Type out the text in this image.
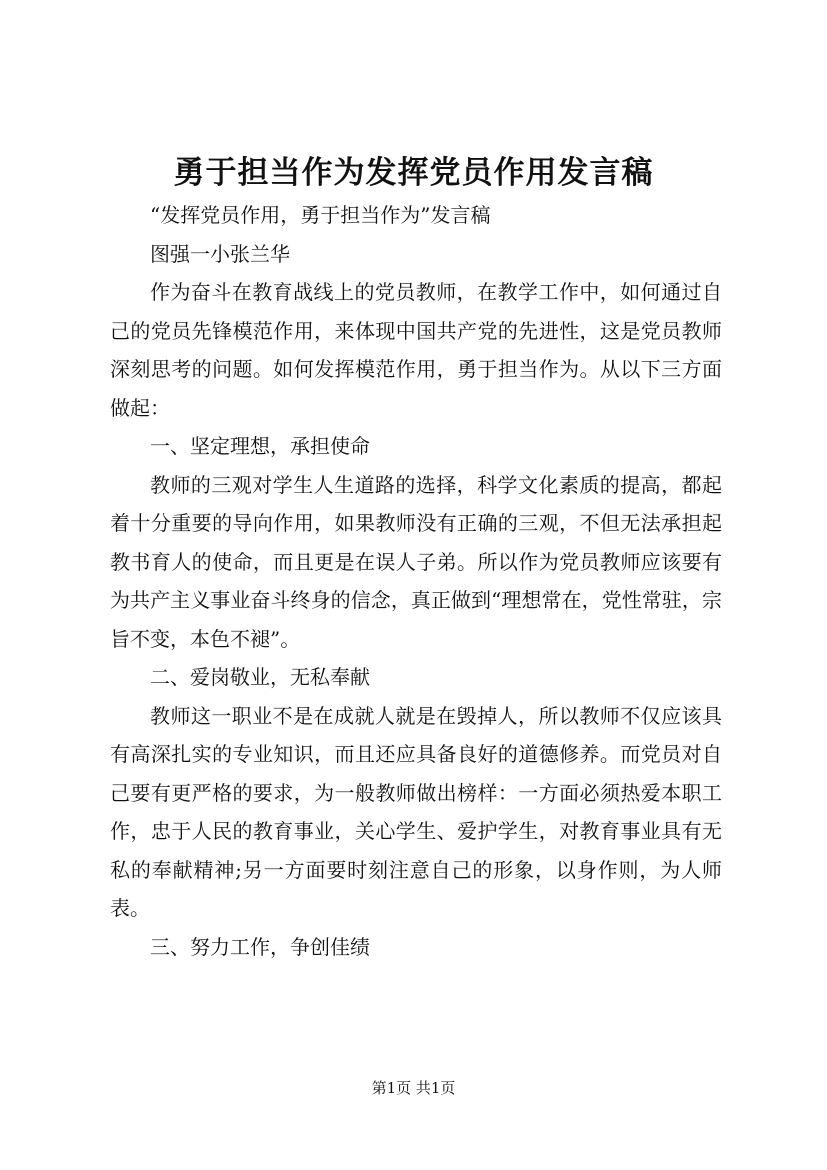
勇于担当作为发挥党员作用发言稿

“发挥党员作用，勇于担当作为”发言稿

图强一小张兰华

作为奋斗在教育战线上的党员教师，在教学工作中，如何通过自己的党员先锋模范作用，来体现中国共产党的先进性，这是党员教师深刻思考的问题。如何发挥模范作用，勇于担当作为。从以下三方面做起：

一、坚定理想，承担使命

教师的三观对学生人生道路的选择，科学文化素质的提高，都起着十分重要的导向作用，如果教师没有正确的三观，不但无法承担起教书育人的使命，而且更是在误人子弟。所以作为党员教师应该要有为共产主义事业奋斗终身的信念，真正做到“理想常在，党性常驻，宗旨不变，本色不褪”。

二、爱岗敬业，无私奉献

教师这一职业不是在成就人就是在毁掉人，所以教师不仅应该具有高深扎实的专业知识，而且还应具备良好的道德修养。而党员对自己要有更严格的要求，为一般教师做出榜样：一方面必须热爱本职工作，忠于人民的教育事业，关心学生、爱护学生，对教育事业具有无私的奉献精神;另一方面要时刻注意自己的形象，以身作则，为人师表。

三、努力工作，争创佳绩

第1页 共1页
